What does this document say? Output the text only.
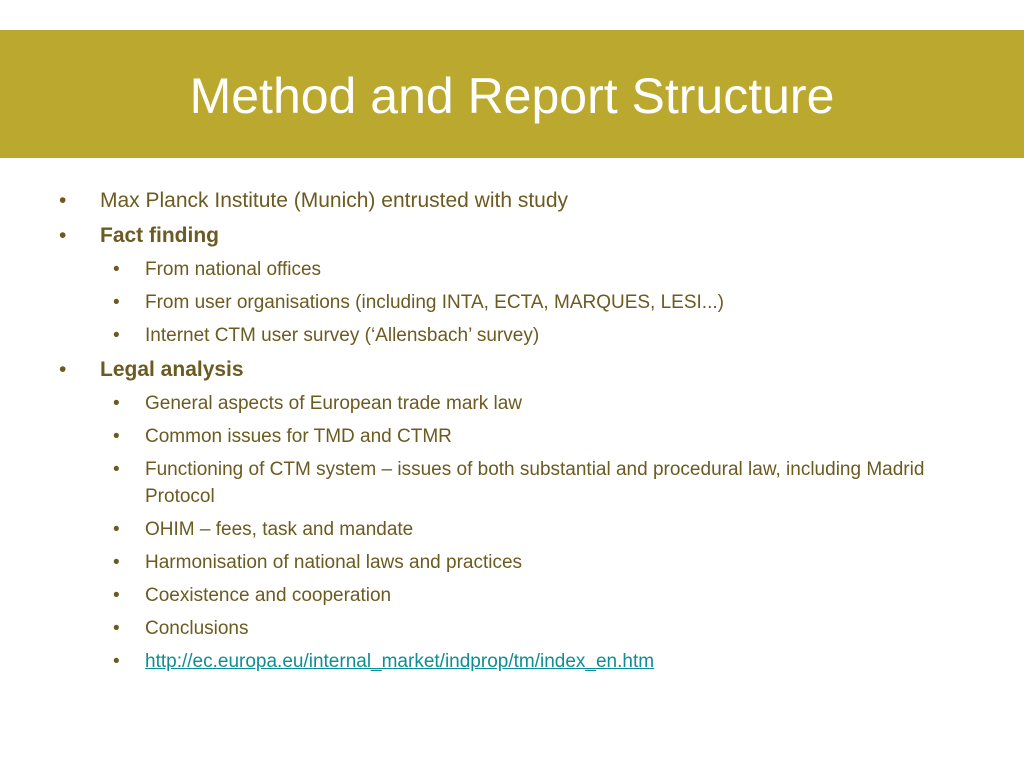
Method and Report Structure
• Max Planck Institute (Munich) entrusted with study
• Fact finding
• From national offices
• From user organisations (including INTA, ECTA, MARQUES, LESI...)
• Internet CTM user survey (‘Allensbach’ survey)
• Legal analysis
• General aspects of European trade mark law
• Common issues for TMD and CTMR
• Functioning of CTM system – issues of both substantial and procedural law, including Madrid Protocol
• OHIM – fees, task and mandate
• Harmonisation of national laws and practices
• Coexistence and cooperation
• Conclusions
• http://ec.europa.eu/internal_market/indprop/tm/index_en.htm
